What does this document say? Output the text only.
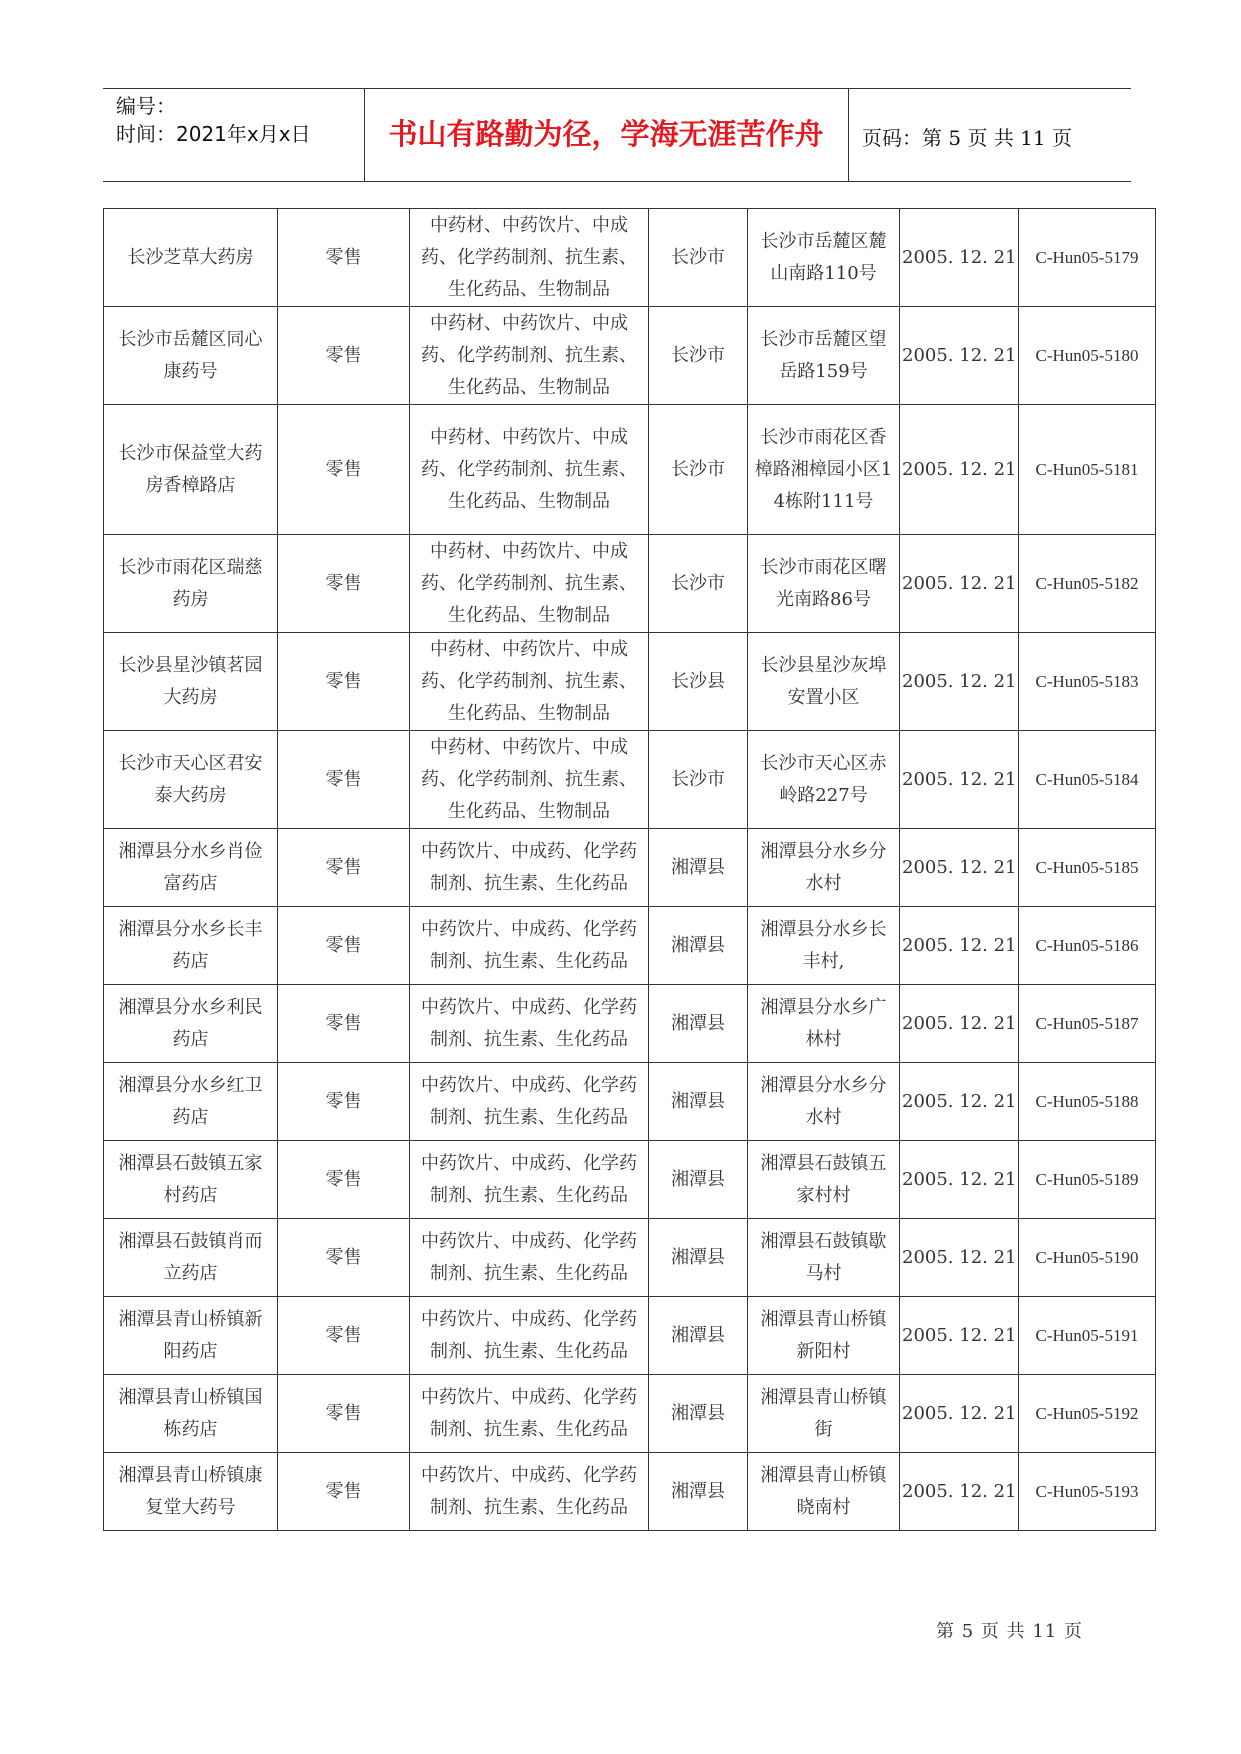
编号：
时间：2021年x月x日	书山有路勤为径，学海无涯苦作舟	页码：第 5 页 共 11 页
长沙芝草大药房	零售	中药材、中药饮片、中成药、化学药制剂、抗生素、生化药品、生物制品	长沙市	长沙市岳麓区麓山南路110号	2005. 12. 21	C-Hun05-5179
长沙市岳麓区同心康药号	零售	中药材、中药饮片、中成药、化学药制剂、抗生素、生化药品、生物制品	长沙市	长沙市岳麓区望岳路159号	2005. 12. 21	C-Hun05-5180
长沙市保益堂大药房香樟路店	零售	中药材、中药饮片、中成药、化学药制剂、抗生素、生化药品、生物制品	长沙市	长沙市雨花区香樟路湘樟园小区14栋附111号	2005. 12. 21	C-Hun05-5181
长沙市雨花区瑞慈药房	零售	中药材、中药饮片、中成药、化学药制剂、抗生素、生化药品、生物制品	长沙市	长沙市雨花区曙光南路86号	2005. 12. 21	C-Hun05-5182
长沙县星沙镇茗园大药房	零售	中药材、中药饮片、中成药、化学药制剂、抗生素、生化药品、生物制品	长沙县	长沙县星沙灰埠安置小区	2005. 12. 21	C-Hun05-5183
长沙市天心区君安泰大药房	零售	中药材、中药饮片、中成药、化学药制剂、抗生素、生化药品、生物制品	长沙市	长沙市天心区赤岭路227号	2005. 12. 21	C-Hun05-5184
湘潭县分水乡肖俭富药店	零售	中药饮片、中成药、化学药制剂、抗生素、生化药品	湘潭县	湘潭县分水乡分水村	2005. 12. 21	C-Hun05-5185
湘潭县分水乡长丰药店	零售	中药饮片、中成药、化学药制剂、抗生素、生化药品	湘潭县	湘潭县分水乡长丰村,	2005. 12. 21	C-Hun05-5186
湘潭县分水乡利民药店	零售	中药饮片、中成药、化学药制剂、抗生素、生化药品	湘潭县	湘潭县分水乡广林村	2005. 12. 21	C-Hun05-5187
湘潭县分水乡红卫药店	零售	中药饮片、中成药、化学药制剂、抗生素、生化药品	湘潭县	湘潭县分水乡分水村	2005. 12. 21	C-Hun05-5188
湘潭县石鼓镇五家村药店	零售	中药饮片、中成药、化学药制剂、抗生素、生化药品	湘潭县	湘潭县石鼓镇五家村村	2005. 12. 21	C-Hun05-5189
湘潭县石鼓镇肖而立药店	零售	中药饮片、中成药、化学药制剂、抗生素、生化药品	湘潭县	湘潭县石鼓镇歇马村	2005. 12. 21	C-Hun05-5190
湘潭县青山桥镇新阳药店	零售	中药饮片、中成药、化学药制剂、抗生素、生化药品	湘潭县	湘潭县青山桥镇新阳村	2005. 12. 21	C-Hun05-5191
湘潭县青山桥镇国栋药店	零售	中药饮片、中成药、化学药制剂、抗生素、生化药品	湘潭县	湘潭县青山桥镇街	2005. 12. 21	C-Hun05-5192
湘潭县青山桥镇康复堂大药号	零售	中药饮片、中成药、化学药制剂、抗生素、生化药品	湘潭县	湘潭县青山桥镇晓南村	2005. 12. 21	C-Hun05-5193
第 5 页 共 11 页
